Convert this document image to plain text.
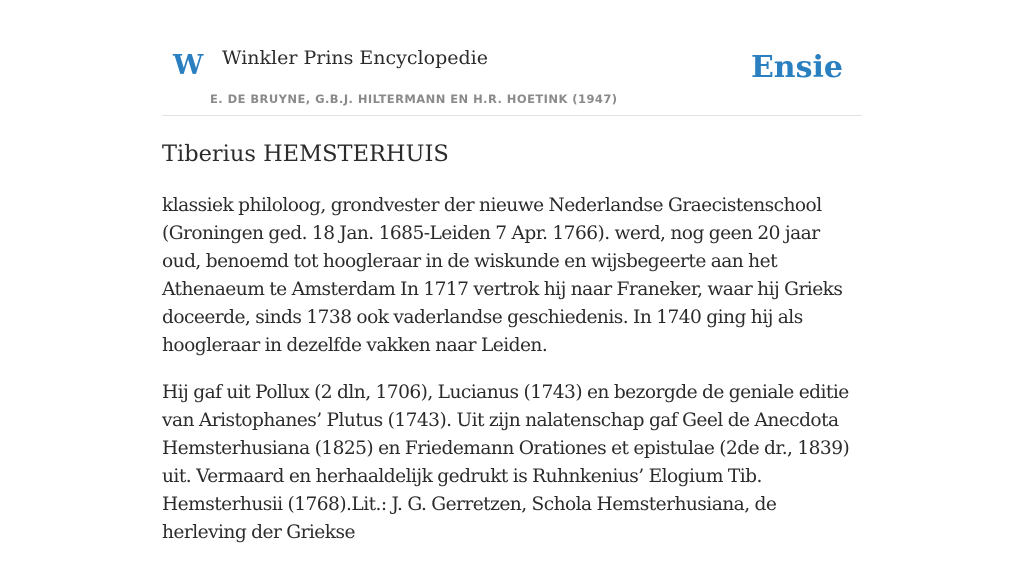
W Winkler Prins Encyclopedie
E. DE BRUYNE, G.B.J. HILTERMANN EN H.R. HOETINK (1947)
Ensie
Tiberius HEMSTERHUIS

klassiek philoloog, grondvester der nieuwe Nederlandse Graecistenschool (Groningen ged. 18 Jan. 1685-Leiden 7 Apr. 1766). werd, nog geen 20 jaar oud, benoemd tot hoogleraar in de wiskunde en wijsbegeerte aan het Athenaeum te Amsterdam In 1717 vertrok hij naar Franeker, waar hij Grieks doceerde, sinds 1738 ook vaderlandse geschiedenis. In 1740 ging hij als hoogleraar in dezelfde vakken naar Leiden.

Hij gaf uit Pollux (2 dln, 1706), Lucianus (1743) en bezorgde de geniale editie van Aristophanes’ Plutus (1743). Uit zijn nalatenschap gaf Geel de Anecdota Hemsterhusiana (1825) en Friedemann Orationes et epistulae (2de dr., 1839) uit. Vermaard en herhaaldelijk gedrukt is Ruhnkenius’ Elogium Tib. Hemsterhusii (1768).Lit.: J. G. Gerretzen, Schola Hemsterhusiana, de herleving der Griekse
